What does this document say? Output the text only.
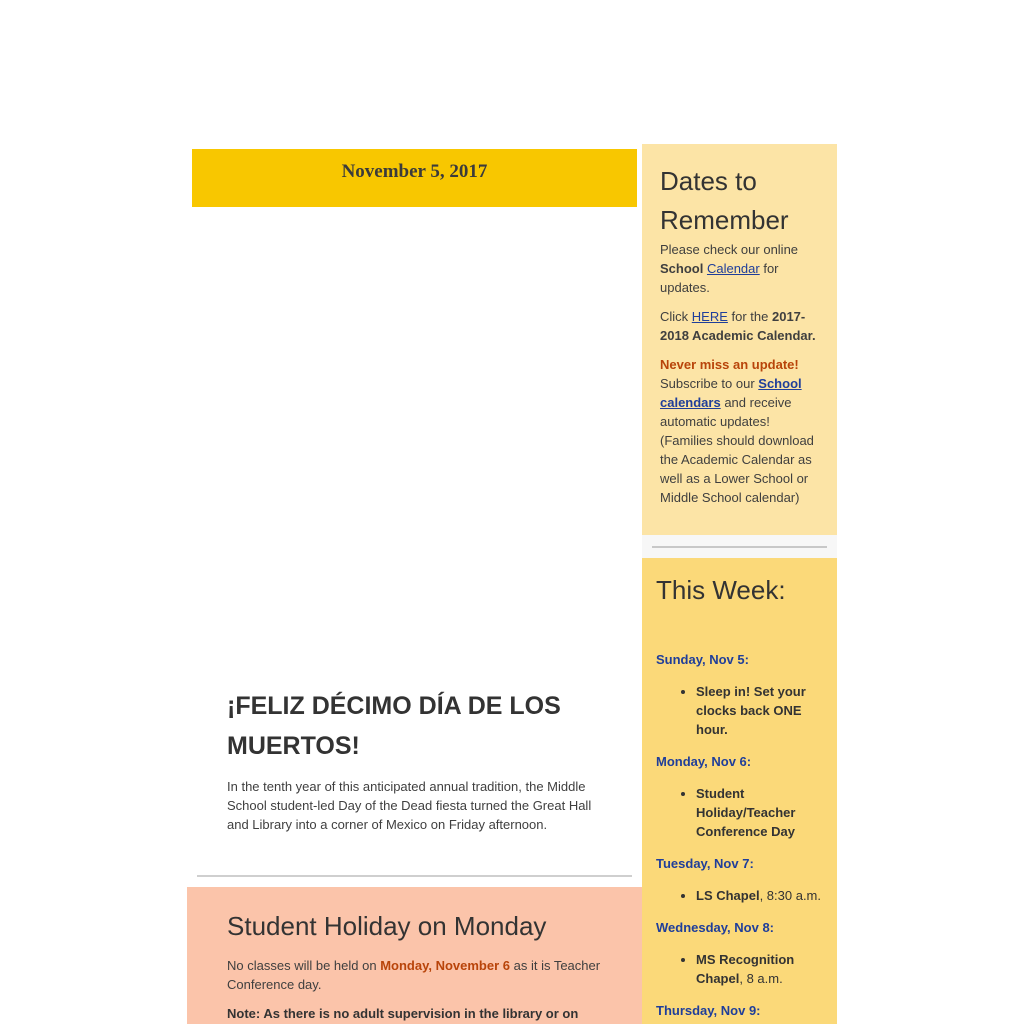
November 5, 2017
¡FELIZ DÉCIMO DÍA DE LOS MUERTOS!

In the tenth year of this anticipated annual tradition, the Middle School student-led Day of the Dead fiesta turned the Great Hall and Library into a corner of Mexico on Friday afternoon.

Student Holiday on Monday

No classes will be held on Monday, November 6 as it is Teacher Conference day.

Note: As there is no adult supervision in the library or on

Dates to Remember

Please check our online School Calendar for updates.

Click HERE for the 2017-2018 Academic Calendar.

Never miss an update! Subscribe to our School calendars and receive automatic updates! (Families should download the Academic Calendar as well as a Lower School or Middle School calendar)

This Week:

Sunday, Nov 5:

• Sleep in! Set your clocks back ONE hour.

Monday, Nov 6:

• Student Holiday/Teacher Conference Day

Tuesday, Nov 7:

• LS Chapel, 8:30 a.m.

Wednesday, Nov 8:

• MS Recognition Chapel, 8 a.m.

Thursday, Nov 9:
